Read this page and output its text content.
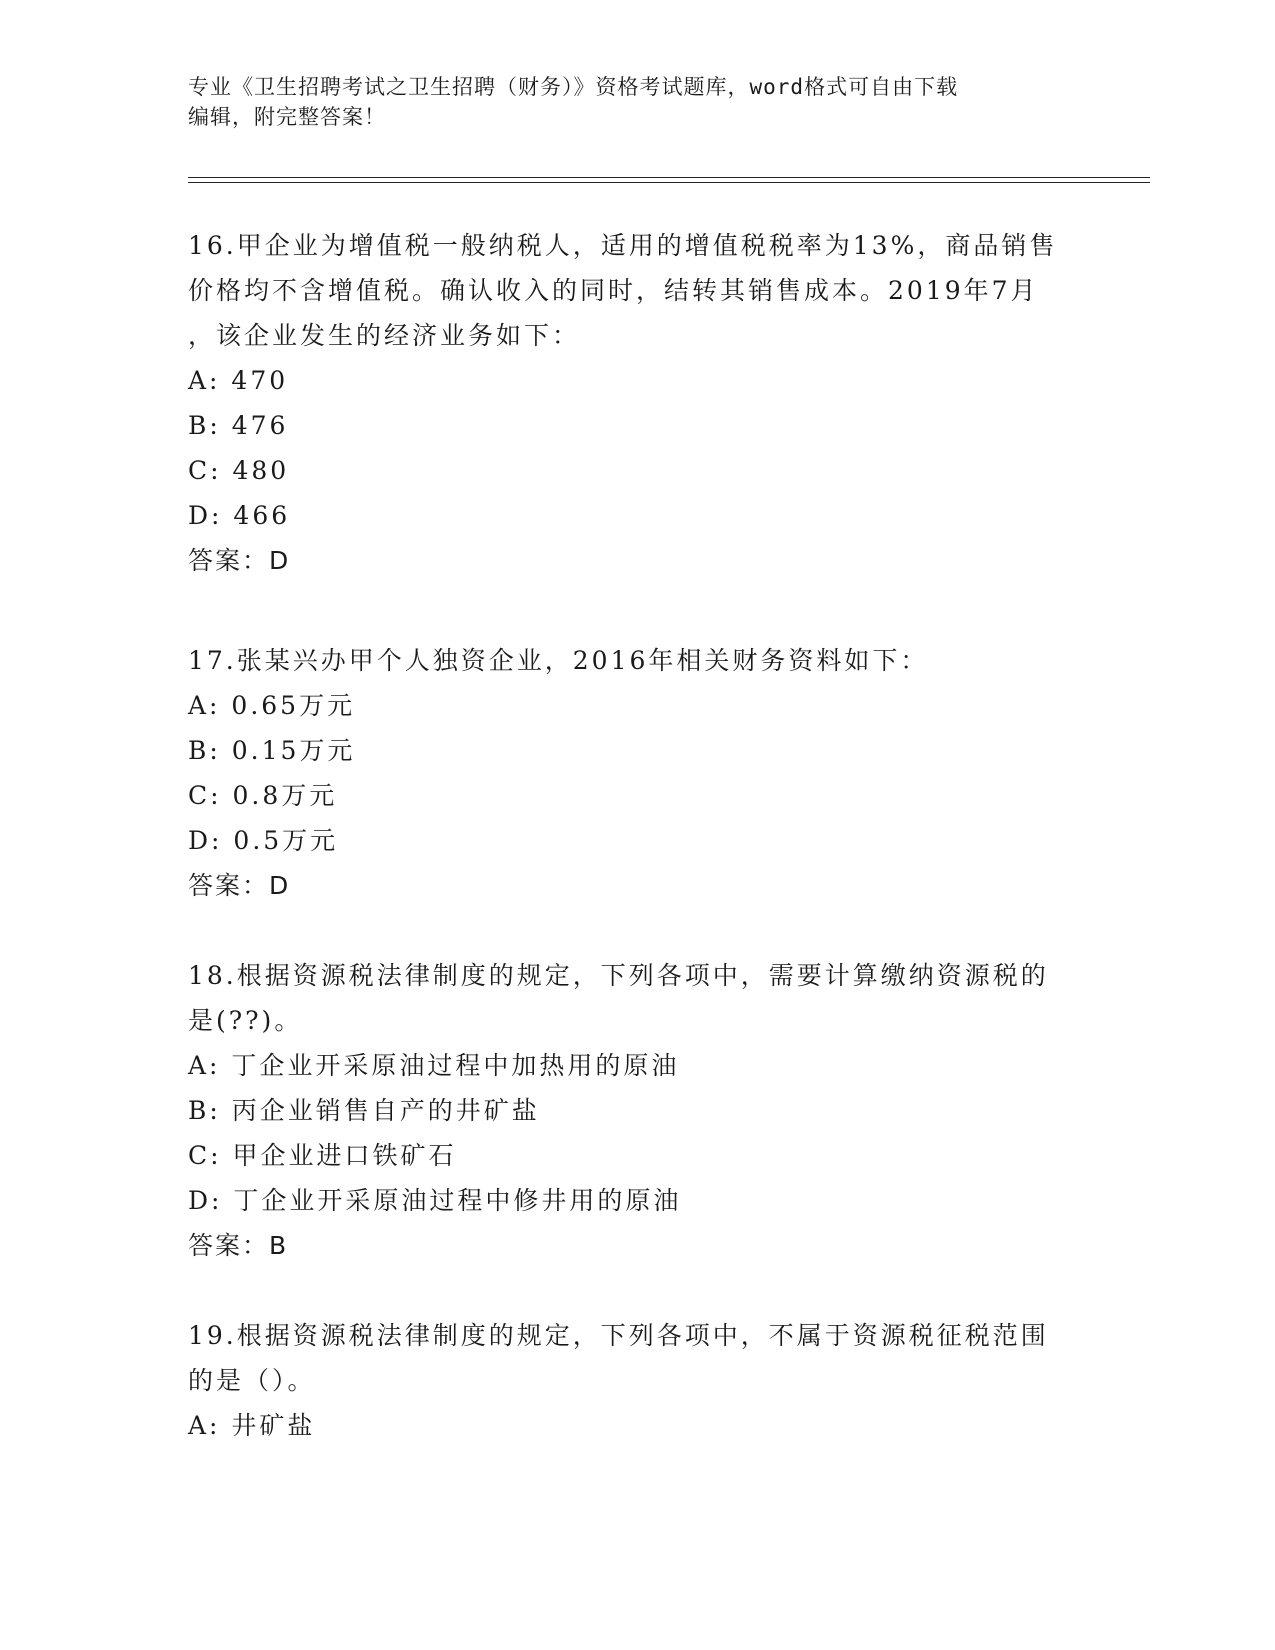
专业《卫生招聘考试之卫生招聘（财务）》资格考试题库，word格式可自由下载
编辑，附完整答案！
16.甲企业为增值税一般纳税人，适用的增值税税率为13%，商品销售
价格均不含增值税。确认收入的同时，结转其销售成本。2019年7月
，该企业发生的经济业务如下：
A: 470
B: 476
C: 480
D: 466
答案：D
17.张某兴办甲个人独资企业，2016年相关财务资料如下：
A: 0.65万元
B: 0.15万元
C: 0.8万元
D: 0.5万元
答案：D
18.根据资源税法律制度的规定，下列各项中，需要计算缴纳资源税的
是(??)。
A: 丁企业开采原油过程中加热用的原油
B: 丙企业销售自产的井矿盐
C: 甲企业进口铁矿石
D: 丁企业开采原油过程中修井用的原油
答案：B
19.根据资源税法律制度的规定，下列各项中，不属于资源税征税范围
的是（）。
A: 井矿盐
